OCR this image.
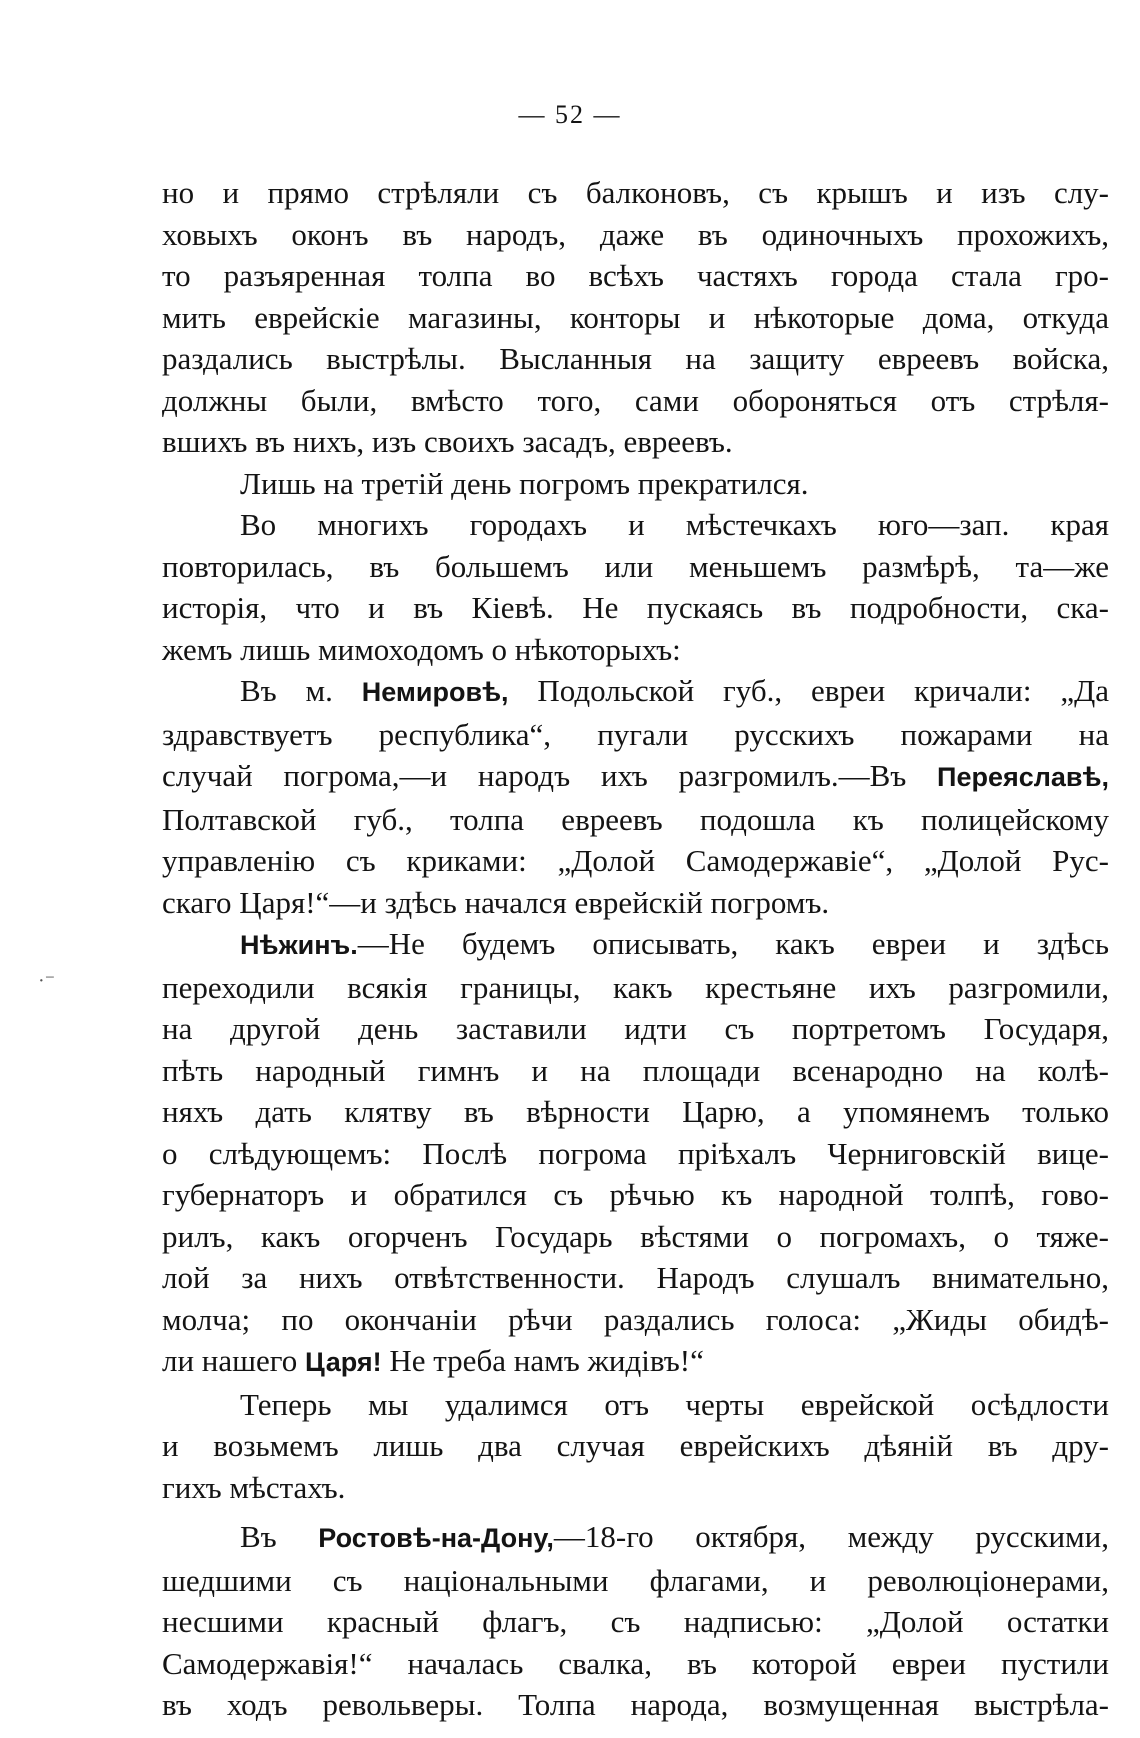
— 52 —
·⁻

но и прямо стрѣляли съ балконовъ, съ крышъ и изъ слу-
ховыхъ оконъ въ народъ, даже въ одиночныхъ прохожихъ,
то разъяренная толпа во всѣхъ частяхъ города стала гро-
мить еврейскіе магазины, конторы и нѣкоторые дома, откуда
раздались выстрѣлы. Высланныя на защиту евреевъ войска,
должны были, вмѣсто того, сами обороняться отъ стрѣля-
вшихъ въ нихъ, изъ своихъ засадъ, евреевъ.

Лишь на третій день погромъ прекратился.

Во многихъ городахъ и мѣстечкахъ юго—зап. края
повторилась, въ большемъ или меньшемъ размѣрѣ, та—же
исторія, что и въ Кіевѣ. Не пускаясь въ подробности, ска-
жемъ лишь мимоходомъ о нѣкоторыхъ:

Въ м. Немировѣ, Подольской губ., евреи кричали: „Да
здравствуетъ республика“, пугали русскихъ пожарами на
случай погрома,—и народъ ихъ разгромилъ.—Въ Переяславѣ,
Полтавской губ., толпа евреевъ подошла къ полицейскому
управленію съ криками: „Долой Самодержавіе“, „Долой Рус-
скаго Царя!“—и здѣсь начался еврейскій погромъ.

Нѣжинъ.—Не будемъ описывать, какъ евреи и здѣсь
переходили всякія границы, какъ крестьяне ихъ разгромили,
на другой день заставили идти съ портретомъ Государя,
пѣть народный гимнъ и на площади всенародно на колѣ-
няхъ дать клятву въ вѣрности Царю, а упомянемъ только
о слѣдующемъ: Послѣ погрома пріѣхалъ Черниговскій вице-
губернаторъ и обратился съ рѣчью къ народной толпѣ, гово-
рилъ, какъ огорченъ Государь вѣстями о погромахъ, о тяже-
лой за нихъ отвѣтственности. Народъ слушалъ внимательно,
молча; по окончаніи рѣчи раздались голоса: „Жиды обидѣ-
ли нашего Царя! Не треба намъ жидівъ!“

Теперь мы удалимся отъ черты еврейской осѣдлости
и возьмемъ лишь два случая еврейскихъ дѣяній въ дру-
гихъ мѣстахъ.

Въ Ростовѣ-на-Дону,—18-го октября, между русскими,
шедшими съ національными флагами, и революціонерами,
несшими красный флагъ, съ надписью: „Долой остатки
Самодержавія!“ началась свалка, въ которой евреи пустили
въ ходъ револьверы. Толпа народа, возмущенная выстрѣла-
